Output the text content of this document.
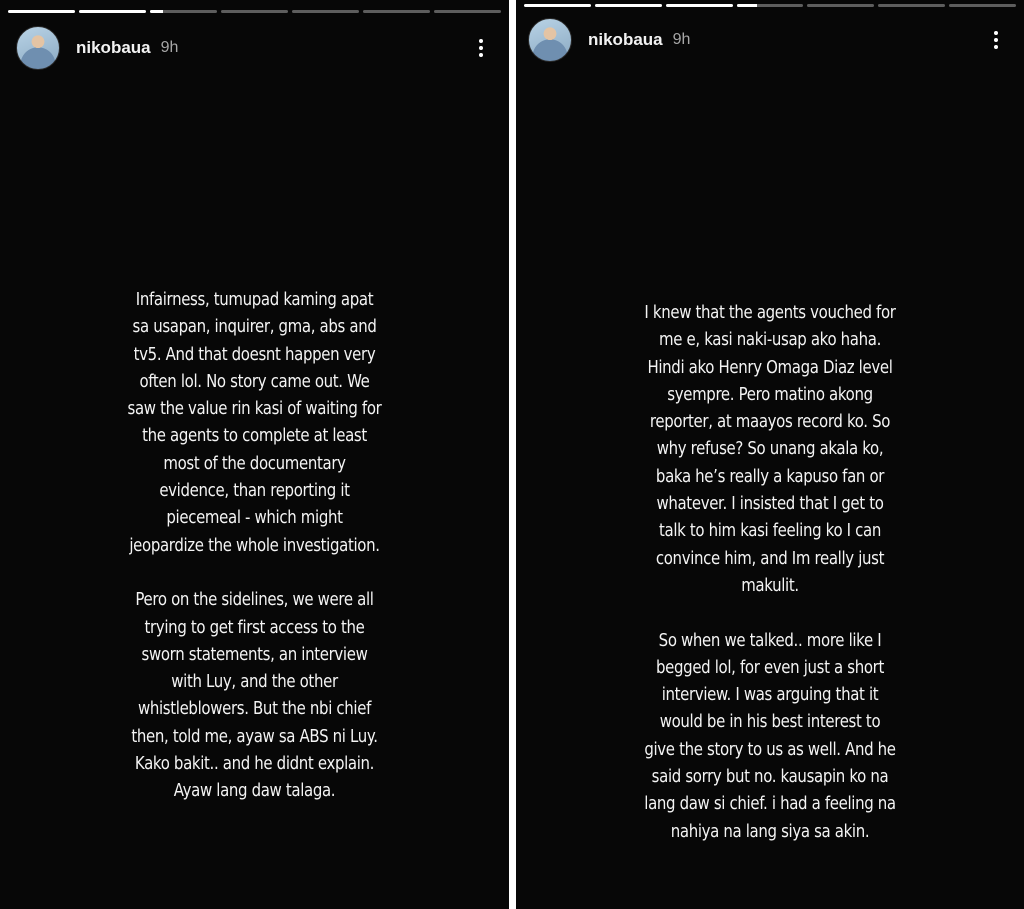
nikobaua 9h
Infairness, tumupad kaming apat
sa usapan, inquirer, gma, abs and
tv5. And that doesnt happen very
often lol. No story came out. We
saw the value rin kasi of waiting for
the agents to complete at least
most of the documentary
evidence, than reporting it
piecemeal - which might
jeopardize the whole investigation.
Pero on the sidelines, we were all
trying to get first access to the
sworn statements, an interview
with Luy, and the other
whistleblowers. But the nbi chief
then, told me, ayaw sa ABS ni Luy.
Kako bakit.. and he didnt explain.
Ayaw lang daw talaga.
nikobaua 9h
I knew that the agents vouched for
me e, kasi naki-usap ako haha.
Hindi ako Henry Omaga Diaz level
syempre. Pero matino akong
reporter, at maayos record ko. So
why refuse? So unang akala ko,
baka he’s really a kapuso fan or
whatever. I insisted that I get to
talk to him kasi feeling ko I can
convince him, and Im really just
makulit.
So when we talked.. more like I
begged lol, for even just a short
interview. I was arguing that it
would be in his best interest to
give the story to us as well. And he
said sorry but no. kausapin ko na
lang daw si chief. i had a feeling na
nahiya na lang siya sa akin.
